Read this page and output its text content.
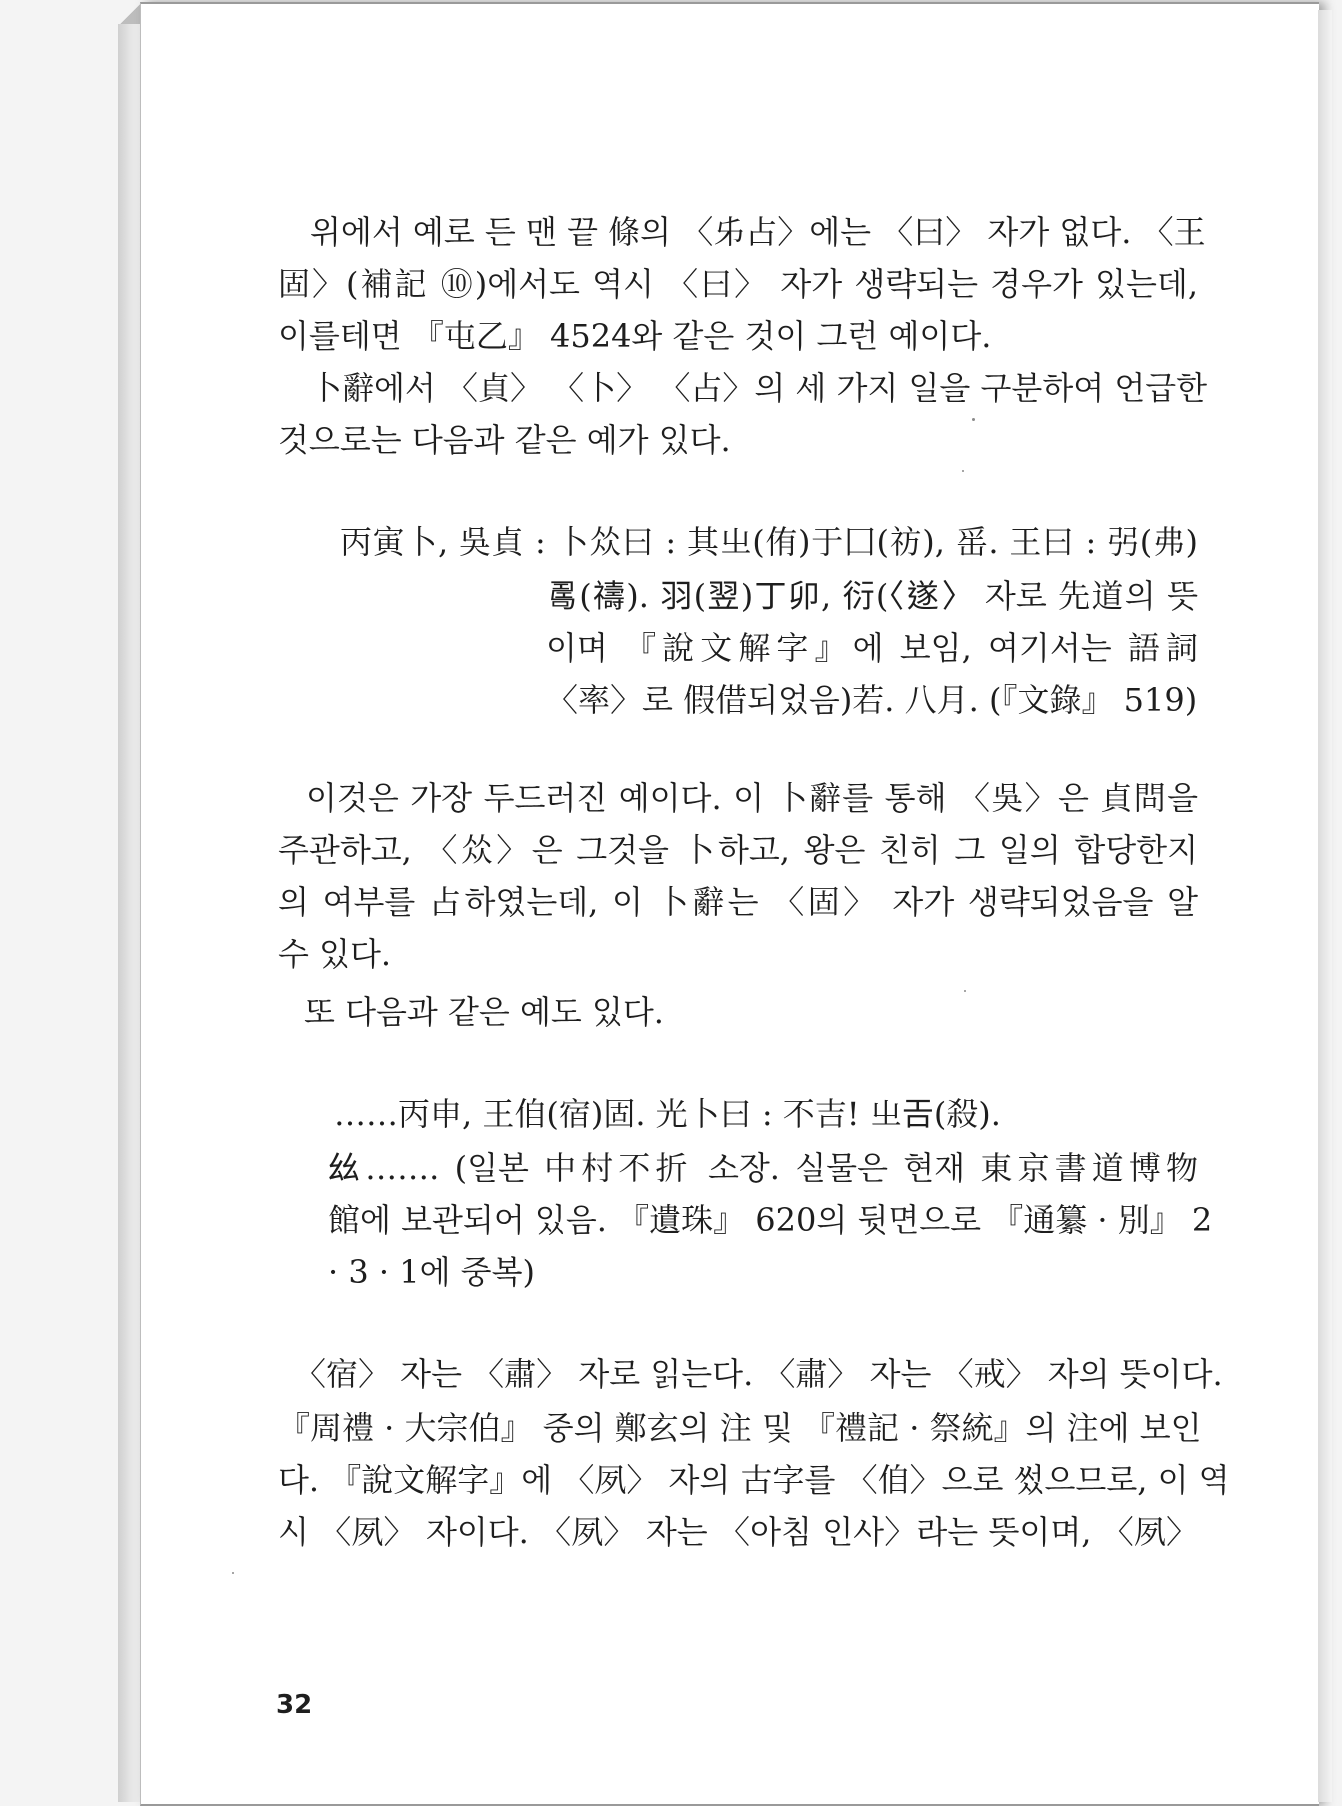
위에서 예로 든 맨 끝 條의 〈𠂔占〉에는 〈曰〉 자가 없다. 〈王
固〉(補記 ⑩)에서도 역시 〈曰〉 자가 생략되는 경우가 있는데,
이를테면 『屯乙』 4524와 같은 것이 그런 예이다.
卜辭에서 〈貞〉 〈卜〉 〈占〉의 세 가지 일을 구분하여 언급한
것으로는 다음과 같은 예가 있다.
丙寅卜, 吳貞 : 卜𠈌曰 : 其㞢(侑)于囗(祊), 䍃. 王曰 : 弜(弗)
𠷎(禱). 羽(翌)丁卯, 衍(〈遂〉 자로 先道의 뜻
이며 『說文解字』에 보임, 여기서는 語詞
〈率〉로 假借되었음)若. 八月. (『文錄』 519)
이것은 가장 두드러진 예이다. 이 卜辭를 통해 〈吳〉은 貞問을
주관하고, 〈𠈌〉은 그것을 卜하고, 왕은 친히 그 일의 합당한지
의 여부를 占하였는데, 이 卜辭는 〈固〉 자가 생략되었음을 알
수 있다.
또 다음과 같은 예도 있다.
……丙申, 王㑑(宿)固. 光卜曰 : 不吉! 㞢𢀛(殺).
𢆶……. (일본 中村不折 소장. 실물은 현재 東京書道博物
館에 보관되어 있음. 『遺珠』 620의 뒷면으로 『通纂 · 別』 2
· 3 · 1에 중복)
〈宿〉 자는 〈肅〉 자로 읽는다. 〈肅〉 자는 〈戒〉 자의 뜻이다.
『周禮 · 大宗伯』 중의 鄭玄의 注 및 『禮記 · 祭統』의 注에 보인
다. 『說文解字』에 〈夙〉 자의 古字를 〈㑑〉으로 썼으므로, 이 역
시 〈夙〉 자이다. 〈夙〉 자는 〈아침 인사〉라는 뜻이며, 〈夙〉
32
